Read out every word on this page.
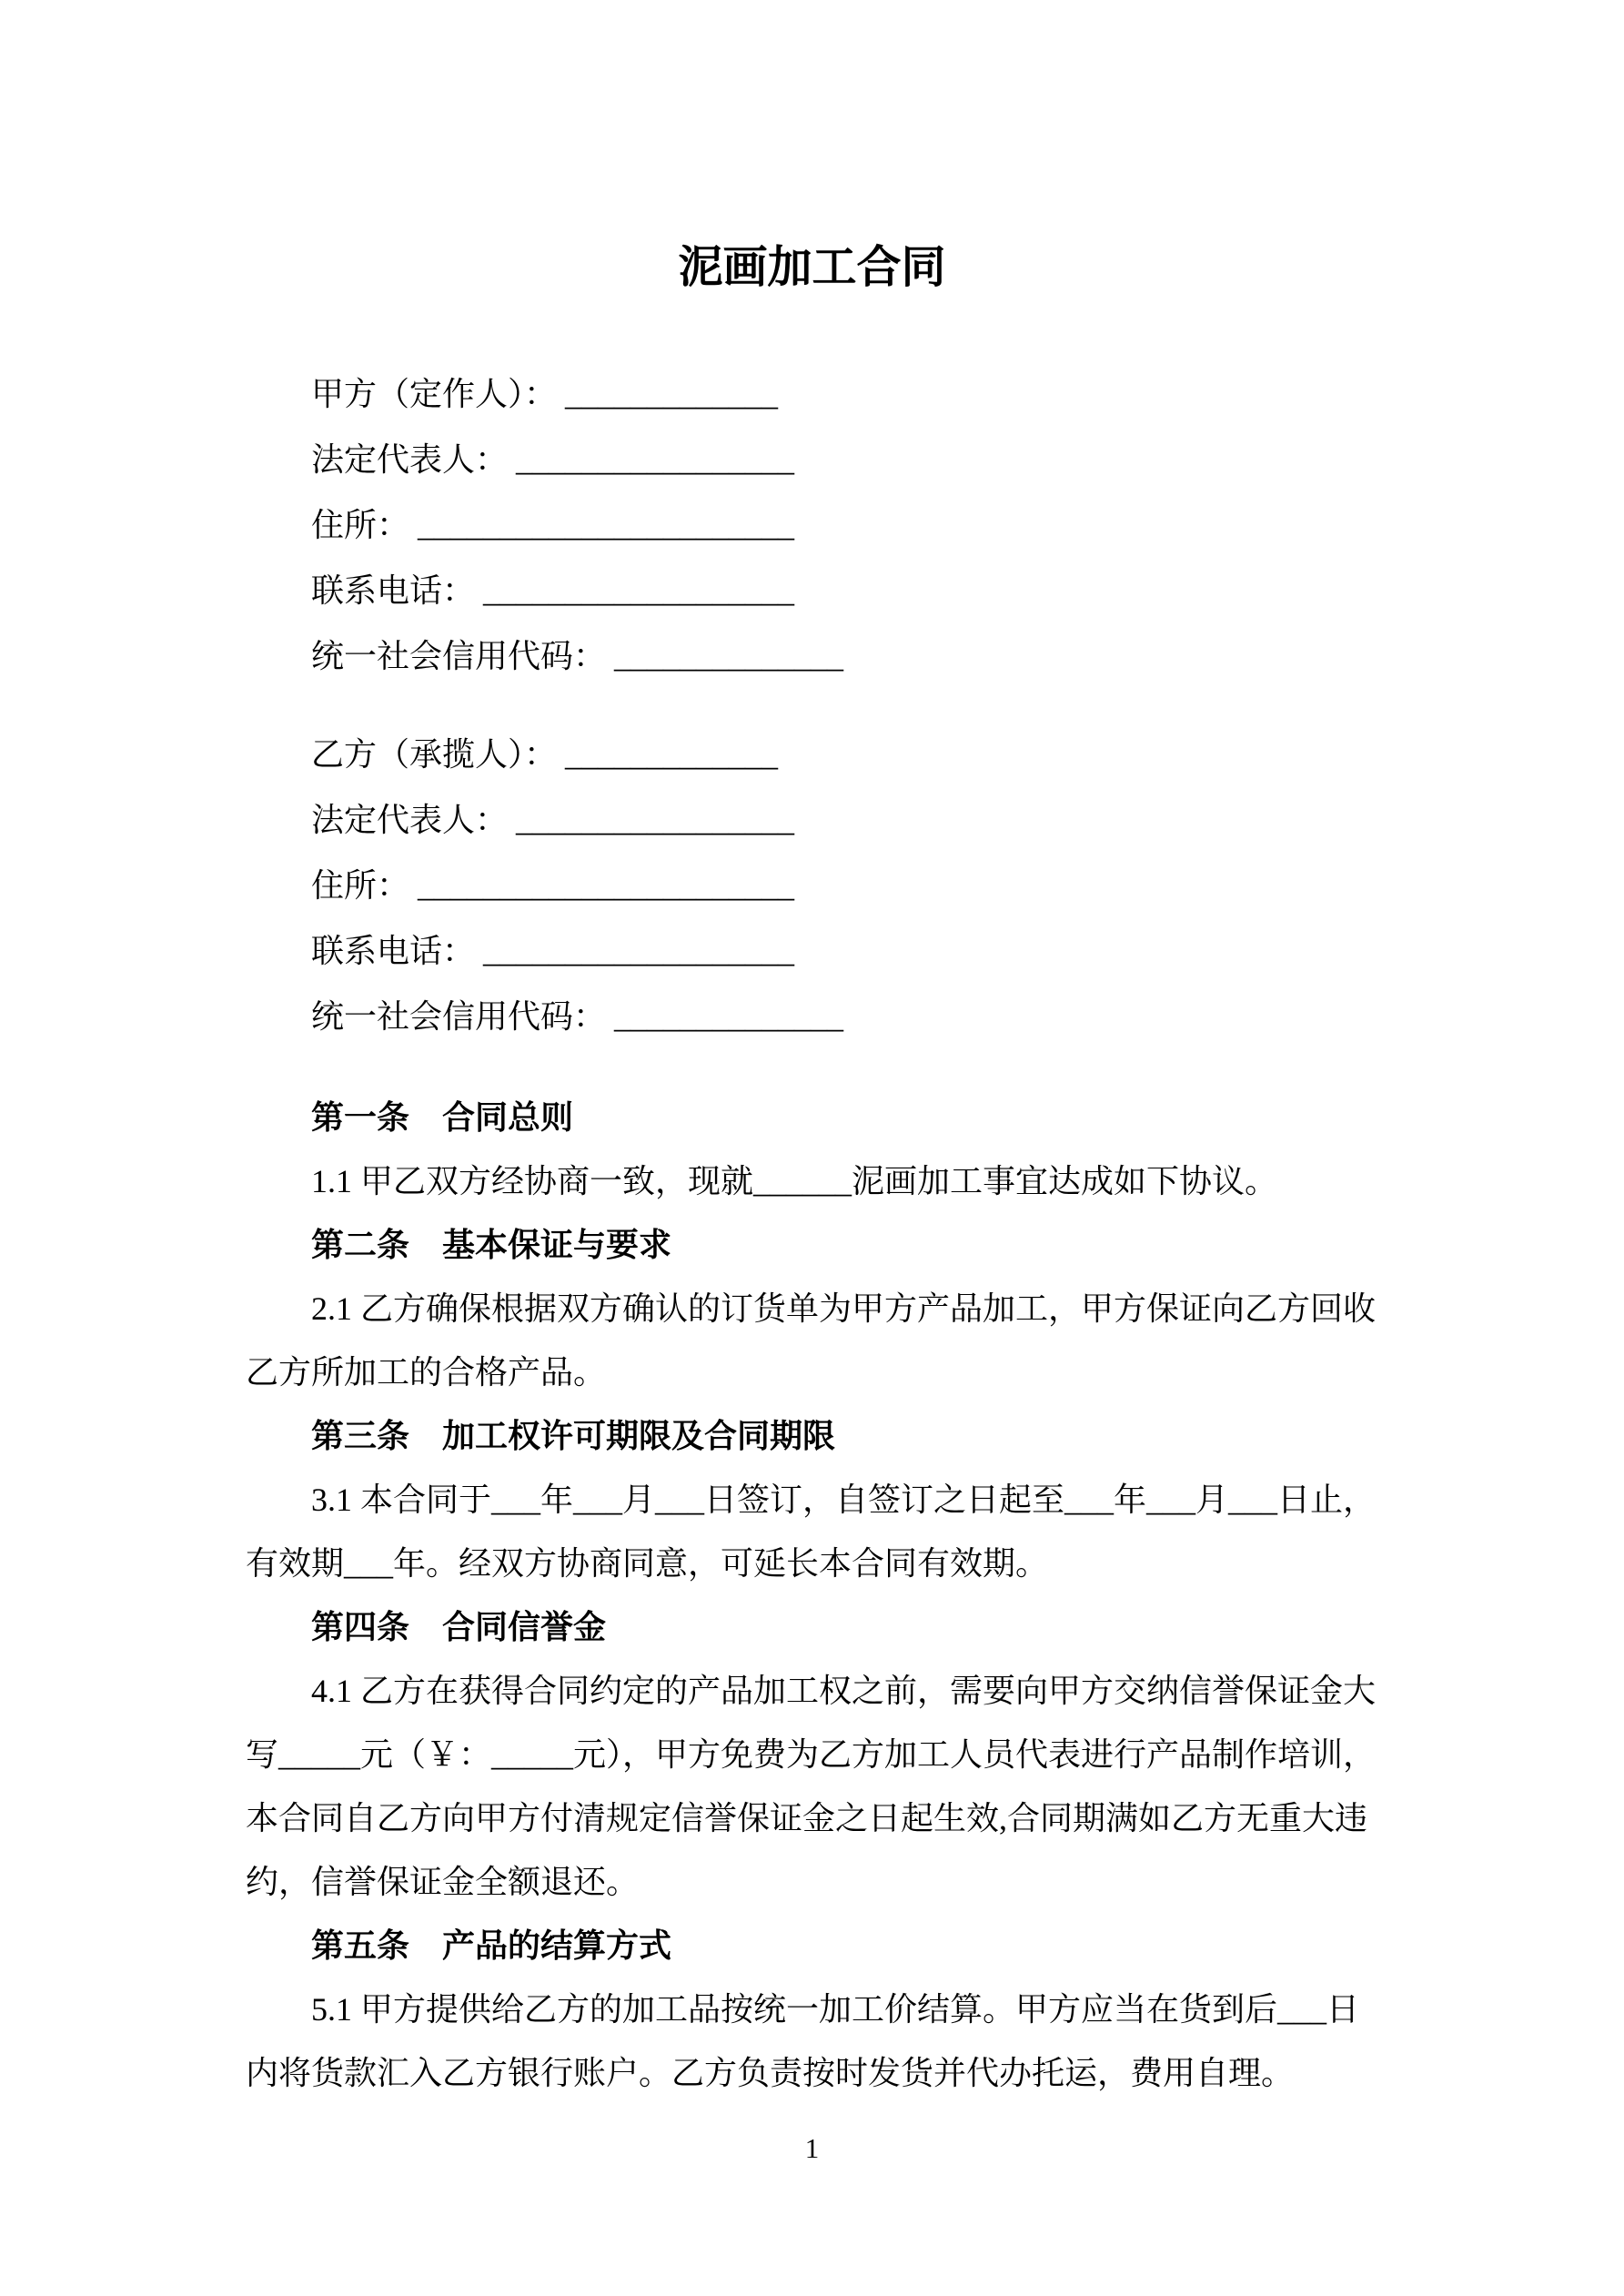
泥画加工合同
甲方（定作人）： _____________
法定代表人： _________________
住所： _______________________
联系电话： ___________________
统一社会信用代码： ______________
乙方（承揽人）： _____________
法定代表人： _________________
住所： _______________________
联系电话： ___________________
统一社会信用代码： ______________
第一条　合同总则
1.1 甲乙双方经协商一致，现就______泥画加工事宜达成如下协议。
第二条　基本保证与要求
2.1 乙方确保根据双方确认的订货单为甲方产品加工，甲方保证向乙方回收
乙方所加工的合格产品。
第三条　加工权许可期限及合同期限
3.1 本合同于___年___月___日签订，自签订之日起至___年___月___日止，
有效期___年。经双方协商同意，可延长本合同有效期。
第四条　合同信誉金
4.1 乙方在获得合同约定的产品加工权之前，需要向甲方交纳信誉保证金大
写_____元（￥：_____元），甲方免费为乙方加工人员代表进行产品制作培训，
本合同自乙方向甲方付清规定信誉保证金之日起生效,合同期满如乙方无重大违
约，信誉保证金全额退还。
第五条　产品的结算方式
5.1 甲方提供给乙方的加工品按统一加工价结算。甲方应当在货到后___日
内将货款汇入乙方银行账户。乙方负责按时发货并代办托运，费用自理。
1
